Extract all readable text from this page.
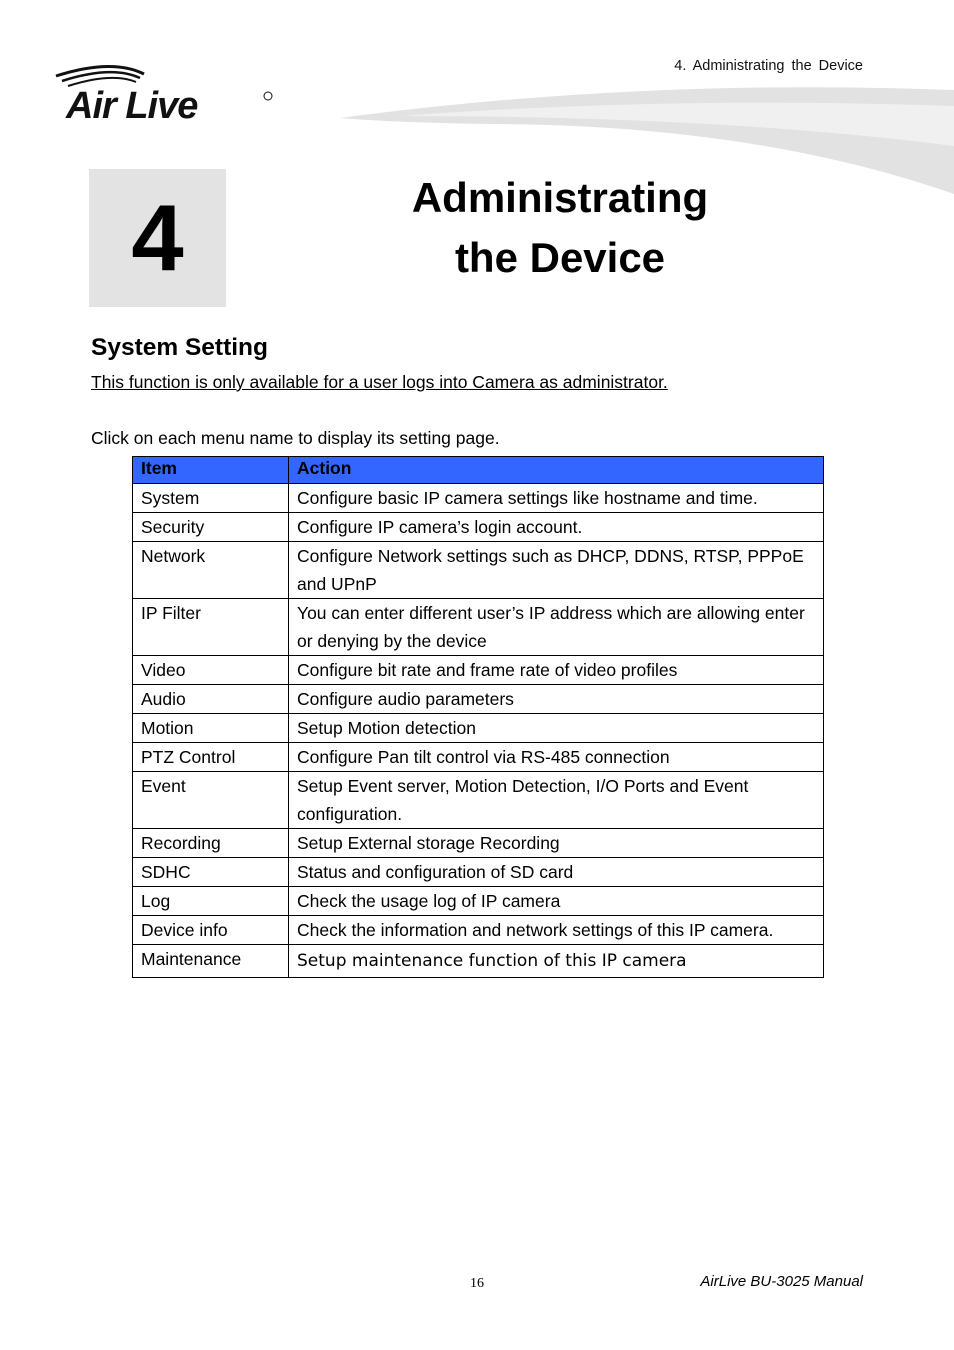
4. Administrating the Device
Air Live
4	Administrating
the Device
System Setting
This function is only available for a user logs into Camera as administrator.
Click on each menu name to display its setting page.
Item	Action
System	Configure basic IP camera settings like hostname and time.
Security	Configure IP camera’s login account.
Network	Configure Network settings such as DHCP, DDNS, RTSP, PPPoE and UPnP
IP Filter	You can enter different user’s IP address which are allowing enter or denying by the device
Video	Configure bit rate and frame rate of video profiles
Audio	Configure audio parameters
Motion	Setup Motion detection
PTZ Control	Configure Pan tilt control via RS-485 connection
Event	Setup Event server, Motion Detection, I/O Ports and Event configuration.
Recording	Setup External storage Recording
SDHC	Status and configuration of SD card
Log	Check the usage log of IP camera
Device info	Check the information and network settings of this IP camera.
Maintenance	Setup maintenance function of this IP camera
16	AirLive BU-3025 Manual
